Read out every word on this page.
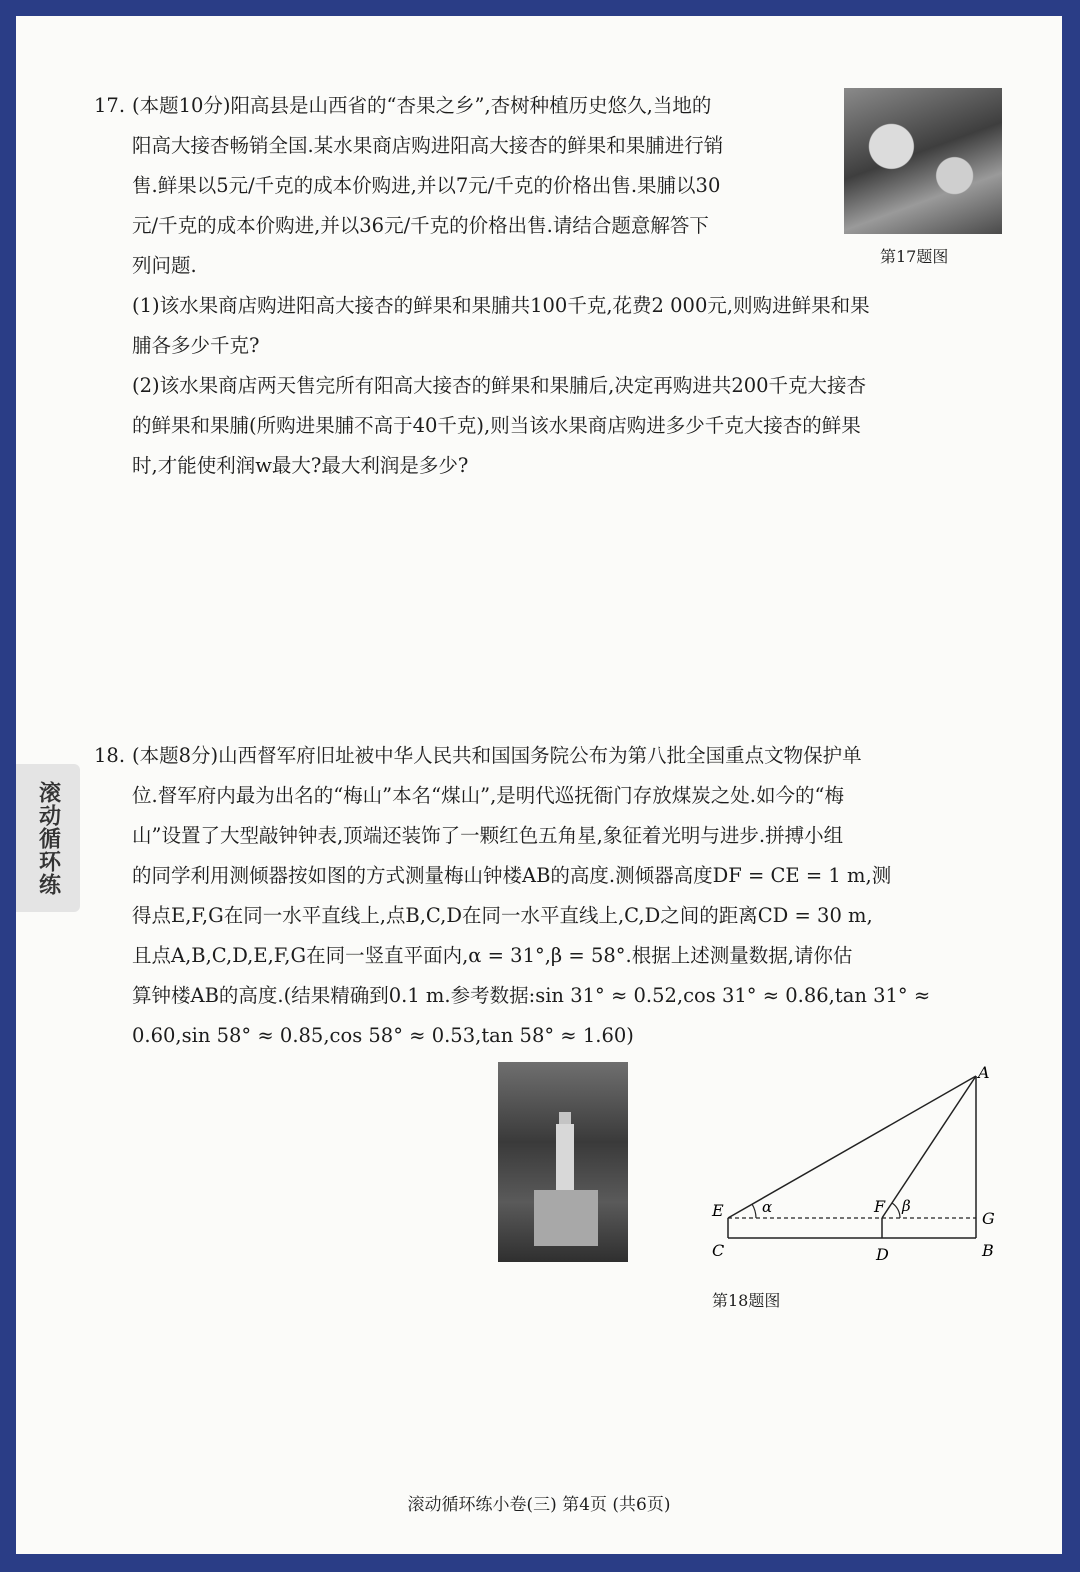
滚动循环练
17. (本题10分)阳高县是山西省的“杏果之乡”,杏树种植历史悠久,当地的
阳高大接杏畅销全国.某水果商店购进阳高大接杏的鲜果和果脯进行销
售.鲜果以5元/千克的成本价购进,并以7元/千克的价格出售.果脯以30
元/千克的成本价购进,并以36元/千克的价格出售.请结合题意解答下
列问题.
(1)该水果商店购进阳高大接杏的鲜果和果脯共100千克,花费2 000元,则购进鲜果和果
脯各多少千克?
(2)该水果商店两天售完所有阳高大接杏的鲜果和果脯后,决定再购进共200千克大接杏
的鲜果和果脯(所购进果脯不高于40千克),则当该水果商店购进多少千克大接杏的鲜果
时,才能使利润w最大?最大利润是多少?
第17题图
18. (本题8分)山西督军府旧址被中华人民共和国国务院公布为第八批全国重点文物保护单
位.督军府内最为出名的“梅山”本名“煤山”,是明代巡抚衙门存放煤炭之处.如今的“梅
山”设置了大型敲钟钟表,顶端还装饰了一颗红色五角星,象征着光明与进步.拼搏小组
的同学利用测倾器按如图的方式测量梅山钟楼AB的高度.测倾器高度DF = CE = 1 m,测
得点E,F,G在同一水平直线上,点B,C,D在同一水平直线上,C,D之间的距离CD = 30 m,
且点A,B,C,D,E,F,G在同一竖直平面内,α = 31°,β = 58°.根据上述测量数据,请你估
算钟楼AB的高度.(结果精确到0.1 m.参考数据:sin 31° ≈ 0.52,cos 31° ≈ 0.86,tan 31° ≈
0.60,sin 58° ≈ 0.85,cos 58° ≈ 0.53,tan 58° ≈ 1.60)
A
B
C	D
E	F
G
α	β
第18题图
滚动循环练小卷(三) 第4页 (共6页)
